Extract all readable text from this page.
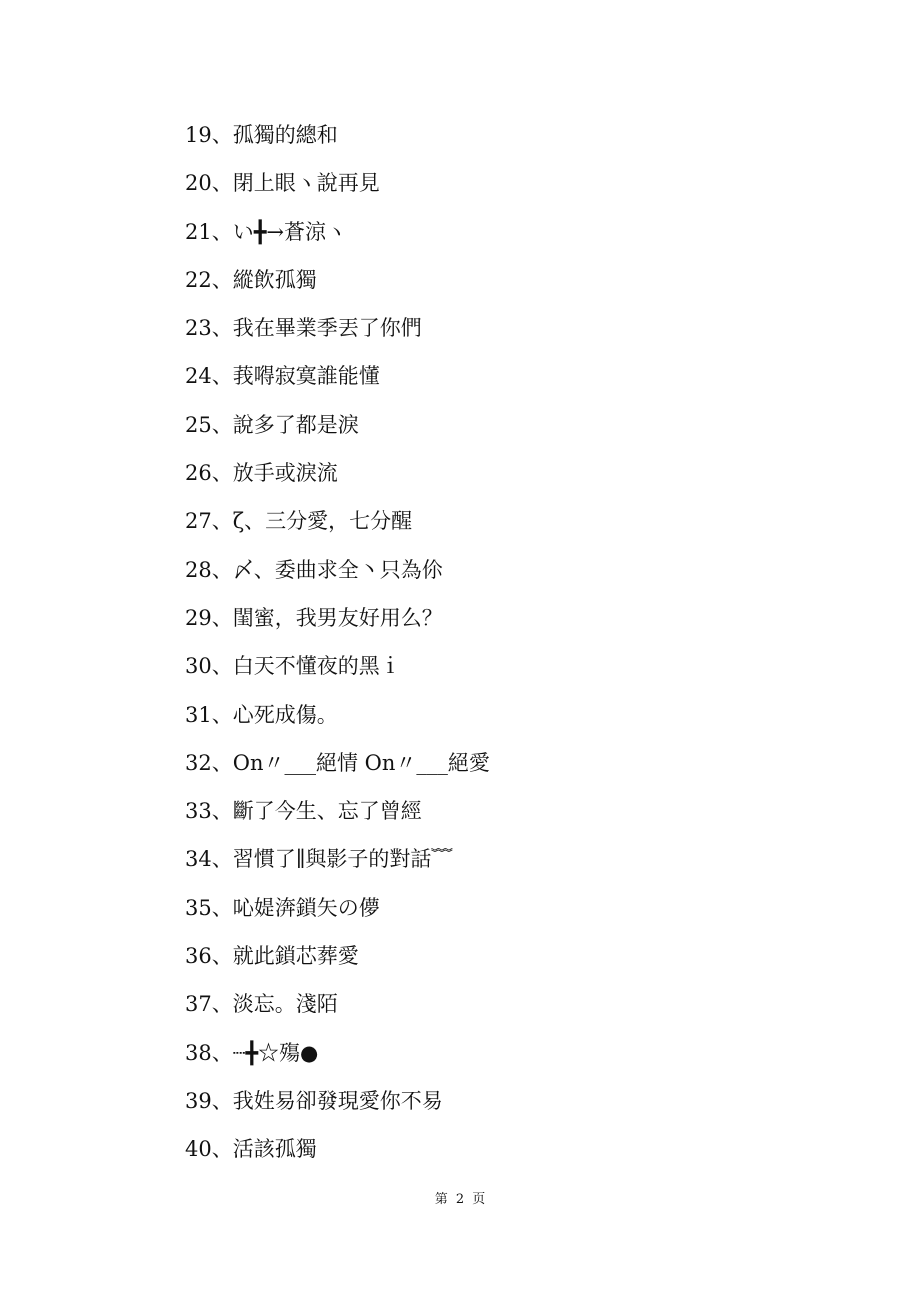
19、孤獨的總和
20、閉上眼ヽ說再見
21、い╋→蒼涼ヽ
22、縱飲孤獨
23、我在畢業季丟了你們
24、莪嘚寂寞誰能懂
25、說多了都是淚
26、放手或淚流
27、ζ、三分愛，七分醒
28、〆、委曲求全丶只為伱
29、閨蜜，我男友好用么？
30、白天不懂夜的黑ｉ
31、心死成傷。
32、Оn〃___絕情 Оn〃___絕愛
33、斷了今生、忘了曾經
34、習慣了∥與影子的對話﹌
35、吣媞渀鎖矢の儚
36、就此鎖芯葬愛
37、淡忘。淺陌
38、┈╋☆殤●
39、我姓易卻發現愛你不易
40、活該孤獨
第 2 页
